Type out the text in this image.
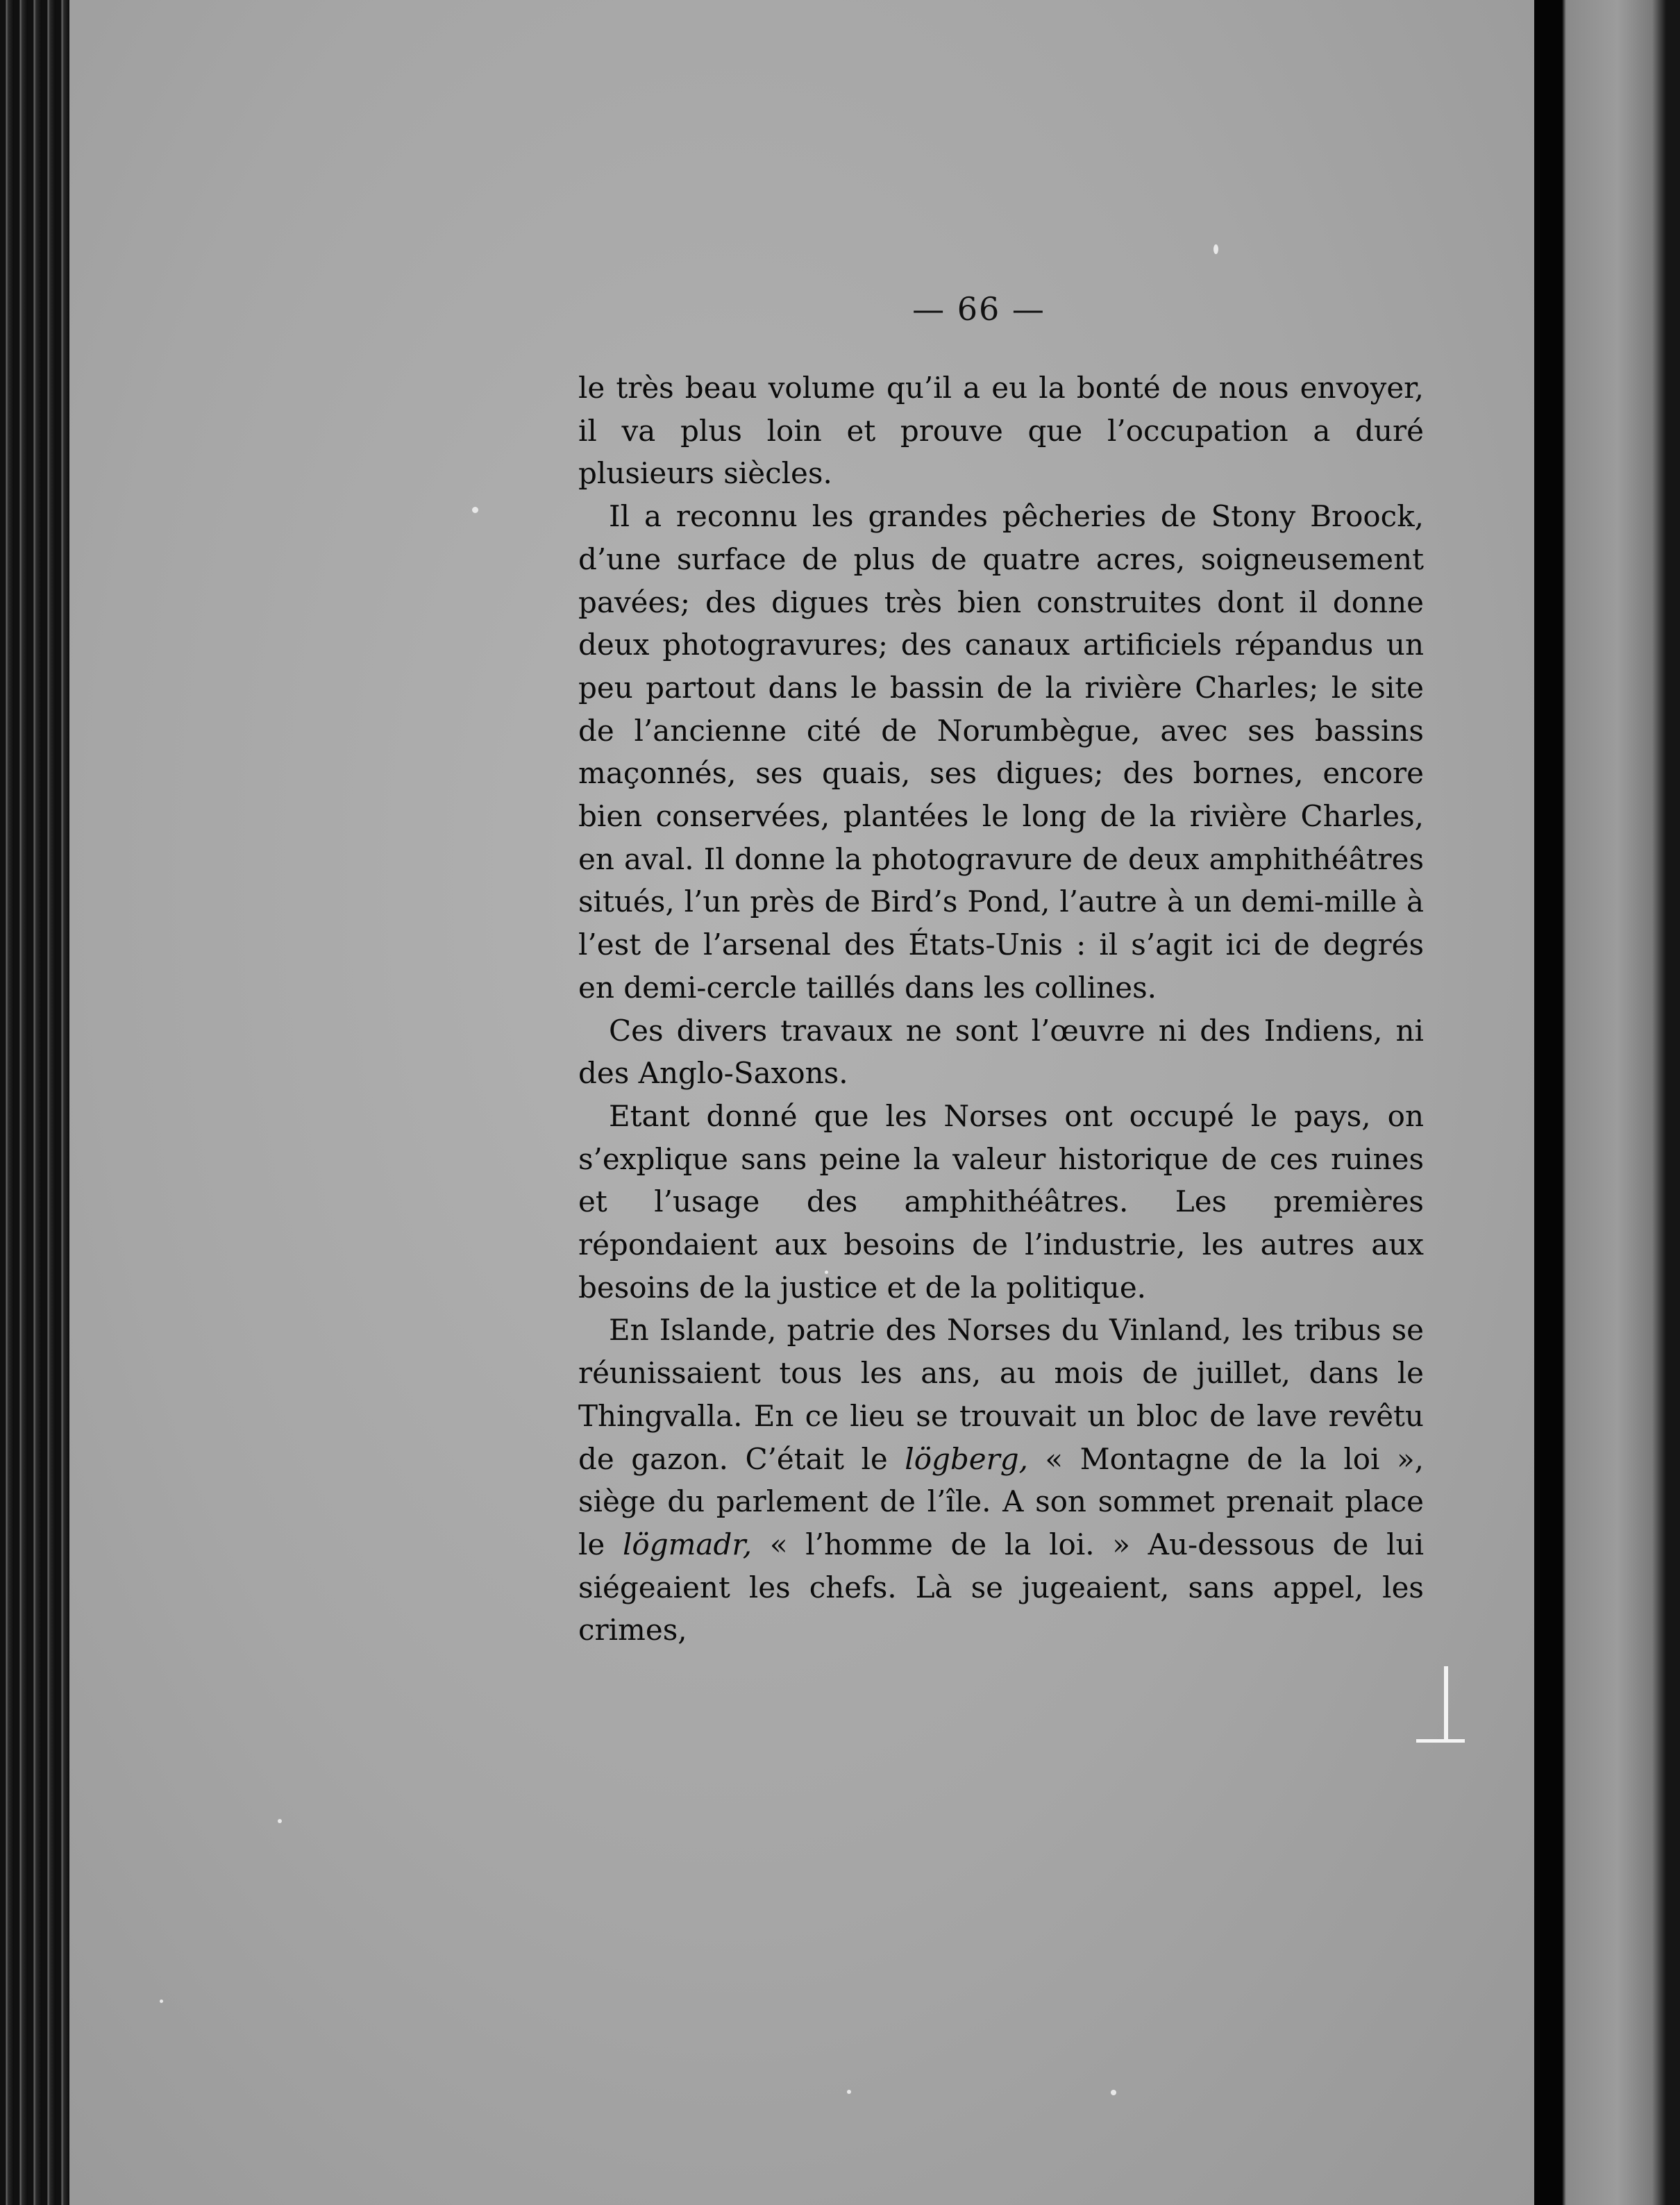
— 66 —

le très beau volume qu’il a eu la bonté de nous envoyer, il va plus loin et prouve que l’occupation a duré plusieurs siècles.

Il a reconnu les grandes pêcheries de Stony Broock, d’une surface de plus de quatre acres, soigneusement pavées; des digues très bien construites dont il donne deux photogravures; des canaux artificiels répandus un peu partout dans le bassin de la rivière Charles; le site de l’ancienne cité de Norumbègue, avec ses bassins maçonnés, ses quais, ses digues; des bornes, encore bien conservées, plantées le long de la rivière Charles, en aval. Il donne la photogravure de deux amphithéâtres situés, l’un près de Bird’s Pond, l’autre à un demi-mille à l’est de l’arsenal des États-Unis : il s’agit ici de degrés en demi-cercle taillés dans les collines.

Ces divers travaux ne sont l’œuvre ni des Indiens, ni des Anglo-Saxons.

Etant donné que les Norses ont occupé le pays, on s’explique sans peine la valeur historique de ces ruines et l’usage des amphithéâtres. Les premières répondaient aux besoins de l’industrie, les autres aux besoins de la justice et de la politique.

En Islande, patrie des Norses du Vinland, les tribus se réunissaient tous les ans, au mois de juillet, dans le Thingvalla. En ce lieu se trouvait un bloc de lave revêtu de gazon. C’était le lögberg, « Montagne de la loi », siège du parlement de l’île. A son sommet prenait place le lögmadr, « l’homme de la loi. » Au-dessous de lui siégeaient les chefs. Là se jugeaient, sans appel, les crimes,
